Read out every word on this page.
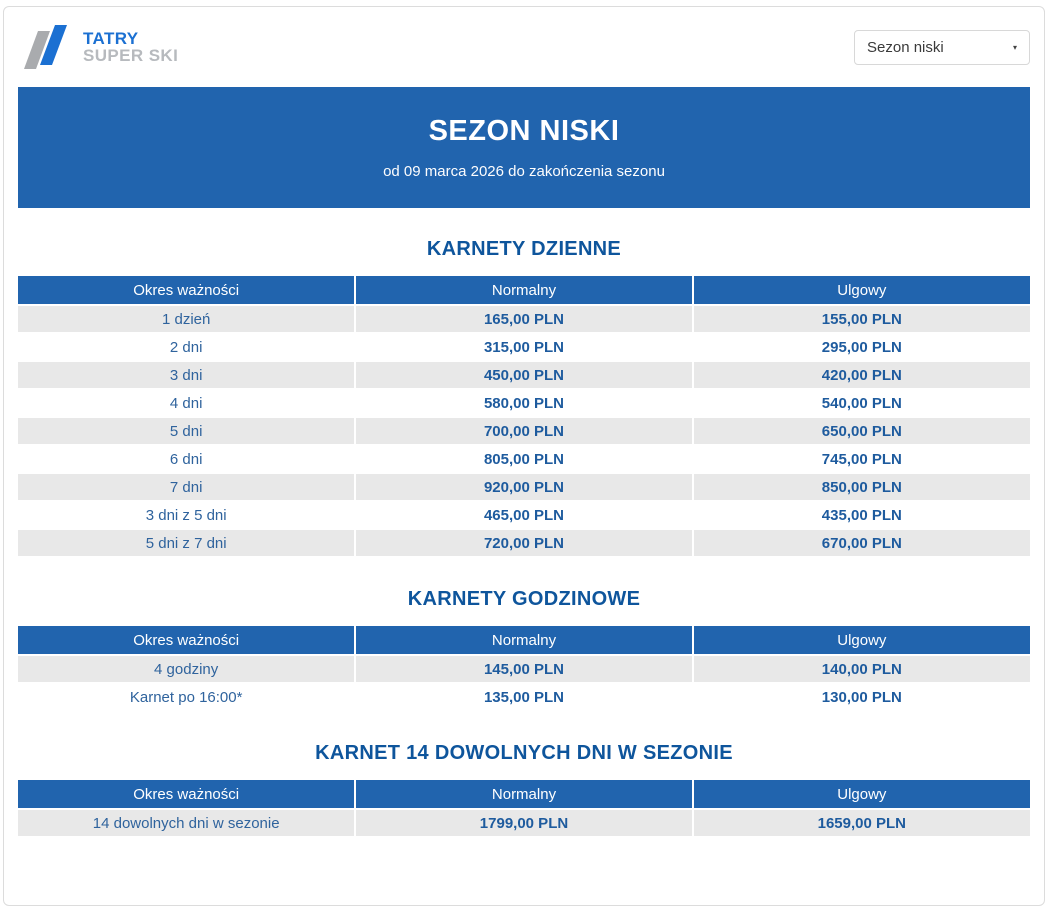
TATRY
SUPER SKI	Sezon niski	▾
SEZON NISKI
od 09 marca 2026 do zakończenia sezonu
KARNETY DZIENNE
Okres ważności	Normalny	Ulgowy
1 dzień	165,00 PLN	155,00 PLN
2 dni	315,00 PLN	295,00 PLN
3 dni	450,00 PLN	420,00 PLN
4 dni	580,00 PLN	540,00 PLN
5 dni	700,00 PLN	650,00 PLN
6 dni	805,00 PLN	745,00 PLN
7 dni	920,00 PLN	850,00 PLN
3 dni z 5 dni	465,00 PLN	435,00 PLN
5 dni z 7 dni	720,00 PLN	670,00 PLN
KARNETY GODZINOWE
Okres ważności	Normalny	Ulgowy
4 godziny	145,00 PLN	140,00 PLN
Karnet po 16:00*	135,00 PLN	130,00 PLN
KARNET 14 DOWOLNYCH DNI W SEZONIE
Okres ważności	Normalny	Ulgowy
14 dowolnych dni w sezonie	1799,00 PLN	1659,00 PLN
